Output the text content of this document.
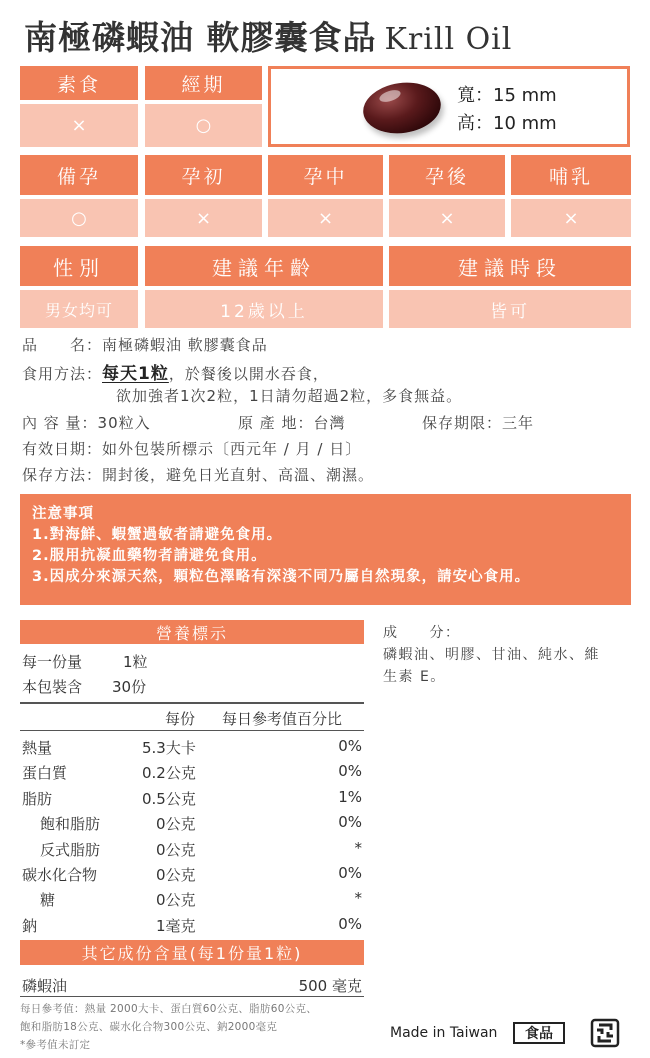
南極磷蝦油 軟膠囊食品 Krill Oil
素食	經期
×	○
寬：15 mm
高：10 mm
備孕	孕初	孕中	孕後	哺乳
○	×	×	×	×
性別	建議年齡	建議時段
男女均可	12歲以上	皆可
品　　名：南極磷蝦油 軟膠囊食品
食用方法：每天1粒，於餐後以開水吞食，
欲加強者1次2粒，1日請勿超過2粒，多食無益。
內 容 量：30粒入	原 產 地：台灣	保存期限：三年
有效日期：如外包裝所標示〔西元年 / 月 / 日〕
保存方法：開封後，避免日光直射、高溫、潮濕。
注意事項
1.對海鮮、蝦蟹過敏者請避免食用。
2.服用抗凝血藥物者請避免食用。
3.因成分來源天然，顆粒色澤略有深淺不同乃屬自然現象，請安心食用。
營養標示
每一份量	1粒
本包裝含 30份
每份 每日參考值百分比
熱量	5.3大卡	0%
蛋白質	0.2公克	0%
脂肪	0.5公克	1%
飽和脂肪	0公克	0%
反式脂肪	0公克	*
碳水化合物	0公克	0%
糖	0公克	*
鈉	1毫克	0%
其它成份含量(每1份量1粒)
磷蝦油	500 毫克
每日參考值：熱量 2000大卡、蛋白質60公克、脂肪60公克、
飽和脂肪18公克、碳水化合物300公克、鈉2000毫克
*參考值未訂定
成　　分：
磷蝦油、明膠、甘油、純水、維
生素 E。
Made in Taiwan	食品
